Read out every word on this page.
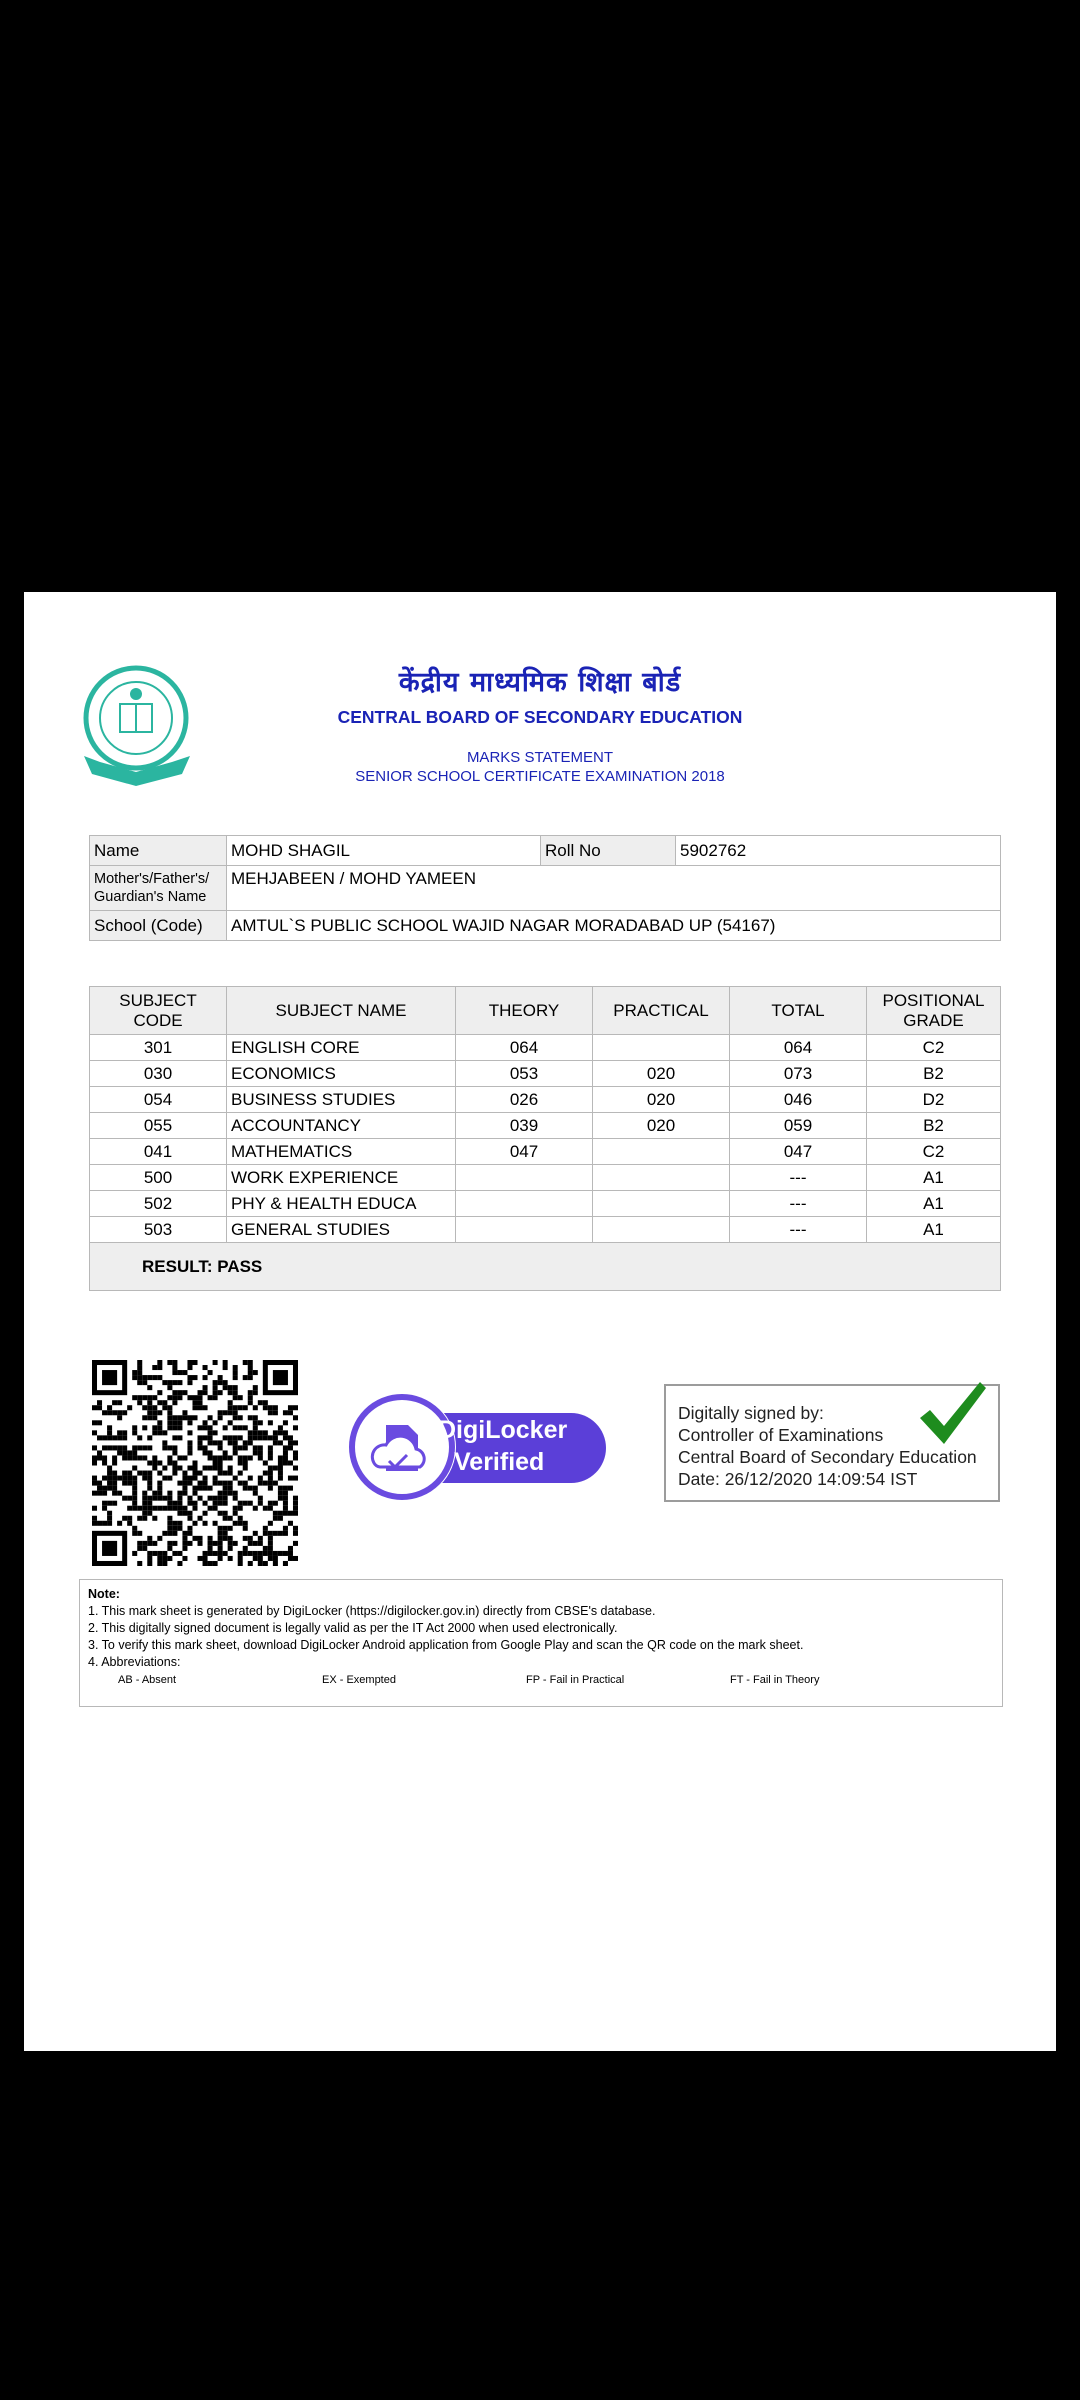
केंद्रीय माध्यमिक शिक्षा बोर्ड
CENTRAL BOARD OF SECONDARY EDUCATION
MARKS STATEMENT
SENIOR SCHOOL CERTIFICATE EXAMINATION 2018
Name	MOHD SHAGIL	Roll No	5902762
Mother's/Father's/ Guardian's Name	MEHJABEEN / MOHD YAMEEN		
School (Code)	AMTUL`S PUBLIC SCHOOL WAJID NAGAR MORADABAD UP (54167)		
SUBJECT CODE	SUBJECT NAME	THEORY	PRACTICAL	TOTAL	POSITIONAL GRADE
301	ENGLISH CORE	064		064	C2
030	ECONOMICS	053	020	073	B2
054	BUSINESS STUDIES	026	020	046	D2
055	ACCOUNTANCY	039	020	059	B2
041	MATHEMATICS	047		047	C2
500	WORK EXPERIENCE			---	A1
502	PHY & HEALTH EDUCA			---	A1
503	GENERAL STUDIES			---	A1
RESULT: PASS					
DigiLocker
Verified
Digitally signed by:
Controller of Examinations
Central Board of Secondary Education
Date: 26/12/2020 14:09:54 IST
Note:
1. This mark sheet is generated by DigiLocker (https://digilocker.gov.in) directly from CBSE's database.
2. This digitally signed document is legally valid as per the IT Act 2000 when used electronically.
3. To verify this mark sheet, download DigiLocker Android application from Google Play and scan the QR code on the mark sheet.
4. Abbreviations:
AB - Absent	EX - Exempted	FP - Fail in Practical	FT - Fail in Theory
